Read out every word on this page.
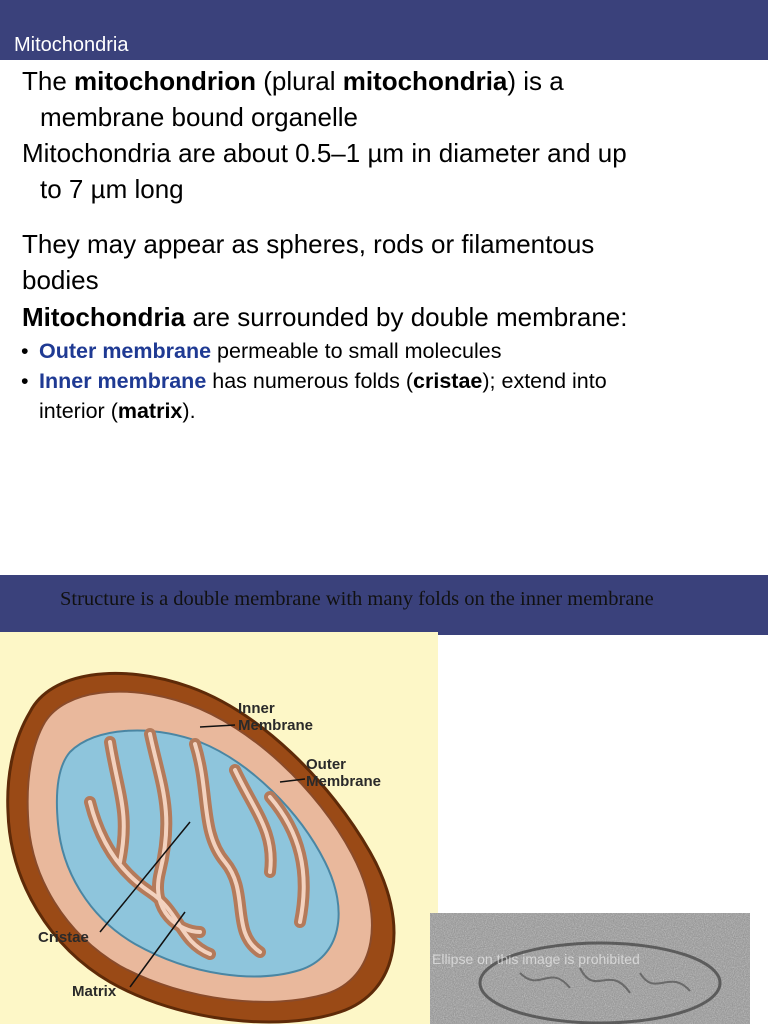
Mitochondria
The mitochondrion (plural mitochondria) is a
membrane bound organelle
Mitochondria are about 0.5–1 µm in diameter and up
to 7 µm long
They may appear as spheres, rods or filamentous
bodies
Mitochondria are surrounded by double membrane:
• Outer membrane permeable to small molecules
• Inner membrane has numerous folds (cristae); extend into
interior (matrix).
Structure is a double membrane with many folds on the inner membrane
Inner
Membrane
Outer
Membrane
Cristae
Matrix
Ellipse on this image is prohibited
